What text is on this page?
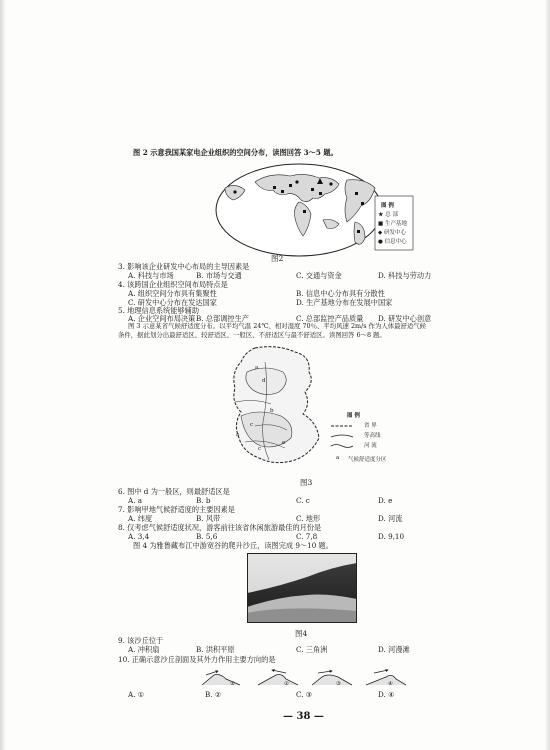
图 2 示意我国某家电企业组织的空间分布，读图回答 3～5 题。
图 例
★ 总 部
■ 生产基地
◆ 研发中心
● 信息中心
图2
3. 影响该企业研发中心布局的主导因素是
A. 科技与市场	B. 市场与交通	C. 交通与资金	D. 科技与劳动力
4. 该跨国企业组织空间布局特点是
A. 组织空间分布具有集聚性	B. 信息中心分布具有分散性
C. 研发中心分布在发达国家	D. 生产基地分布在发展中国家
5. 地理信息系统能够辅助
A. 企业空间布局决策 B. 总部调控生产	C. 总部监控产品质量 D. 研发中心创意
图 3 示意某省气候舒适度分布。以平均气温 24℃、相对湿度 70％、平均风速 2m/s 作为人体最舒适气候
条件，据此划分出最舒适区、较舒适区、一般区、不舒适区与最不舒适区。读图回答 6～8 题。
a
d
b
c
a
c
e
图 例
省 界
等高线
河 流
a 气候舒适度分区
图3
6. 图中 d 为一般区，则最舒适区是
A. a	B. b	C. c	D. e
7. 影响甲地气候舒适度的主要因素是
A. 纬度	B. 风带	C. 地形	D. 河流
8. 仅考虑气候舒适度状况，游客前往该省休闲旅游最佳的月份是
A. 3,4	B. 5,6	C. 7,8	D. 9,10
图 4 为雅鲁藏布江中游宽谷的爬升沙丘，读图完成 9～10 题。
图4
9. 该沙丘位于
A. 冲积扇	B. 洪积平原	C. 三角洲	D. 河漫滩
10. 正确示意沙丘剖面及其外力作用主要方向的是
①	②	③	④
A. ①	B. ②	C. ③	D. ④
— 38 —
